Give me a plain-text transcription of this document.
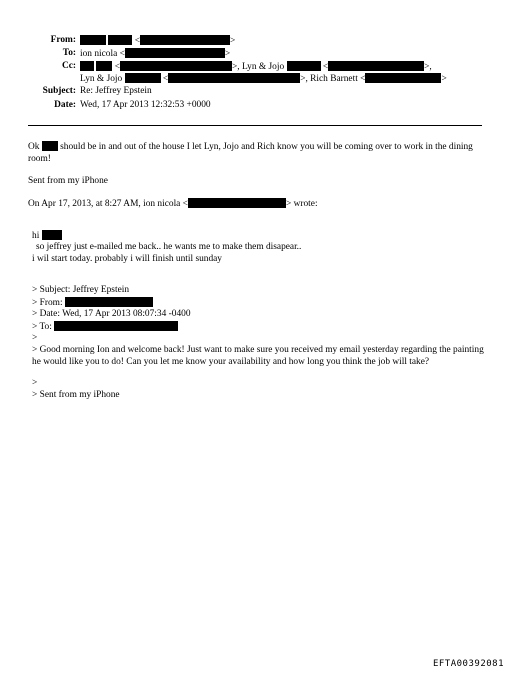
From:	<	>
To: ion nicola <	>
Cc:	<	>, Lyn & Jojo	<	>,
Lyn & Jojo	<	>, Rich Barnett <	>
Subject: Re: Jeffrey Epstein
Date: Wed, 17 Apr 2013 12:32:53 +0000
Ok should be in and out of the house I let Lyn, Jojo and Rich know you will be coming over to work in the dining room!
Sent from my iPhone
On Apr 17, 2013, at 8:27 AM, ion nicola <	> wrote:
hi
so jeffrey just e-mailed me back.. he wants me to make them disapear..
i wil start today. probably i will finish until sunday
> Subject: Jeffrey Epstein
> From:
> Date: Wed, 17 Apr 2013 08:07:34 -0400
> To:
>
> Good morning Ion and welcome back! Just want to make sure you received my email yesterday regarding the painting he would like you to do! Can you let me know your availability and how long you think the job will take?
>
> Sent from my iPhone
EFTA00392081
